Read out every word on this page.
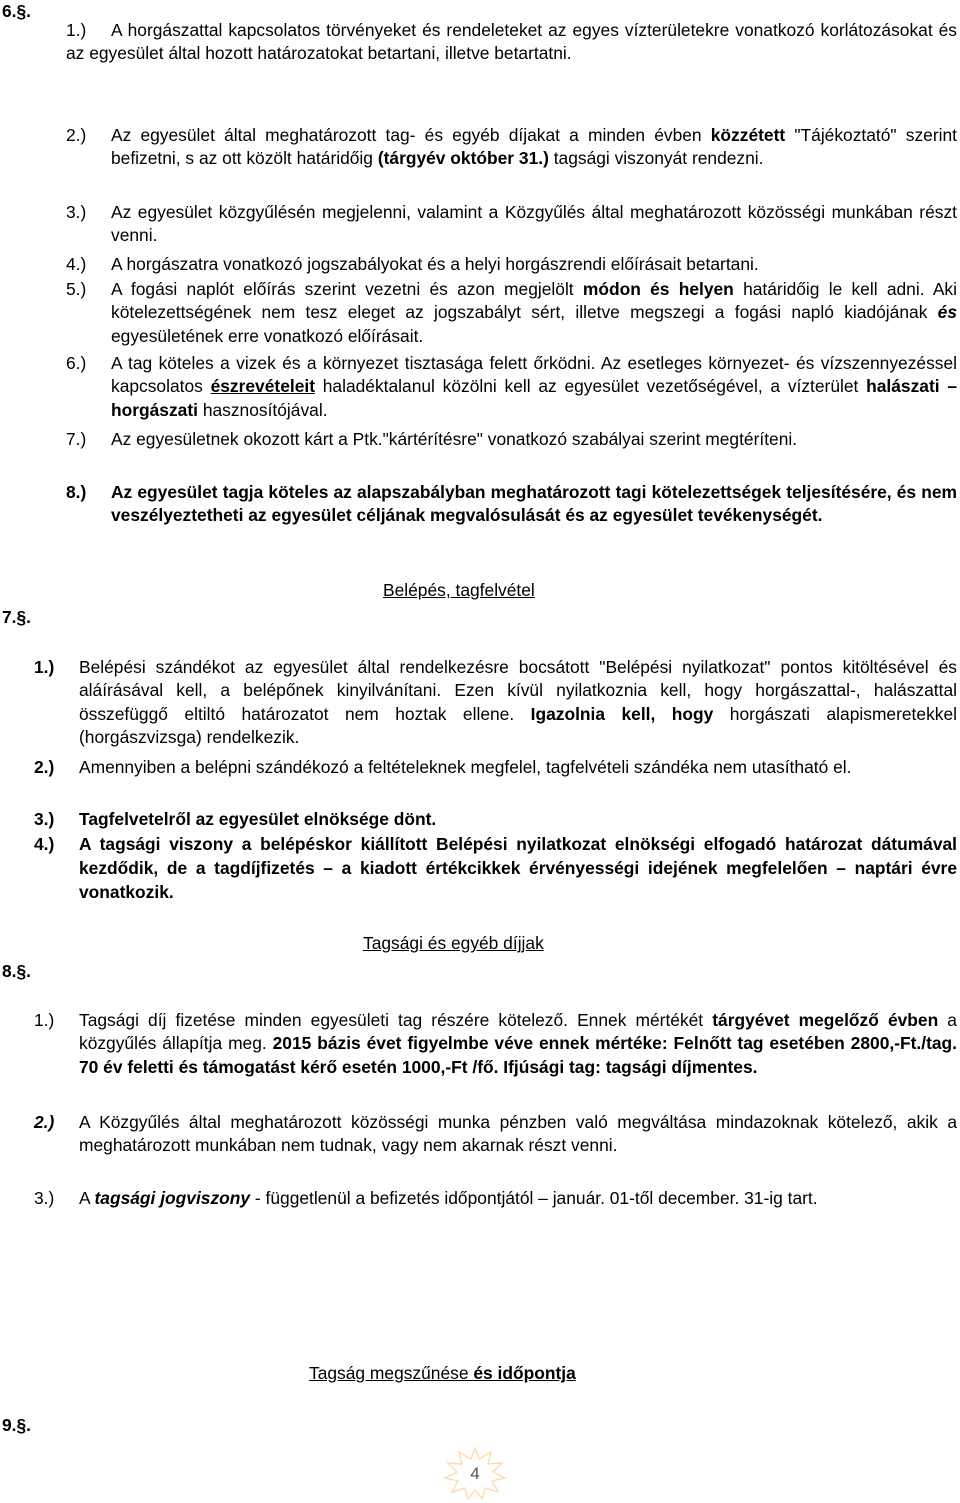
6.§.
1.)	A horgászattal kapcsolatos törvényeket és rendeleteket az egyes vízterületekre vonatkozó korlátozásokat és az egyesület által hozott határozatokat betartani, illetve betartatni.
2.)	Az egyesület által meghatározott tag- és egyéb díjakat a minden évben közzétett "Tájékoztató" szerint befizetni, s az ott közölt határidőig (tárgyév október 31.) tagsági viszonyát rendezni.
3.)	Az egyesület közgyűlésén megjelenni, valamint a Közgyűlés által meghatározott közösségi munkában részt venni.
4.)	A horgászatra vonatkozó jogszabályokat és a helyi horgászrendi előírásait betartani.
5.)	A fogási naplót előírás szerint vezetni és azon megjelölt módon és helyen határidőig le kell adni. Aki kötelezettségének nem tesz eleget az jogszabályt sért, illetve megszegi a fogási napló kiadójának és egyesületének erre vonatkozó előírásait.
6.)	A tag köteles a vizek és a környezet tisztasága felett őrködni. Az esetleges környezet- és vízszennyezéssel kapcsolatos észrevételeit haladéktalanul közölni kell az egyesület vezetőségével, a vízterület halászati – horgászati hasznosítójával.
7.)	Az egyesületnek okozott kárt a Ptk."kártérítésre" vonatkozó szabályai szerint megtéríteni.
8.)	Az egyesület tagja köteles az alapszabályban meghatározott tagi kötelezettségek teljesítésére, és nem veszélyeztetheti az egyesület céljának megvalósulását és az egyesület tevékenységét.
Belépés, tagfelvétel
7.§.
1.)	Belépési szándékot az egyesület által rendelkezésre bocsátott "Belépési nyilatkozat" pontos kitöltésével és aláírásával kell, a belépőnek kinyilvánítani. Ezen kívül nyilatkoznia kell, hogy horgászattal-, halászattal összefüggő eltiltó határozatot nem hoztak ellene. Igazolnia kell, hogy horgászati alapismeretekkel (horgászvizsga) rendelkezik.
2.)	Amennyiben a belépni szándékozó a feltételeknek megfelel, tagfelvételi szándéka nem utasítható el.
3.)	Tagfelvetelről az egyesület elnöksége dönt.
4.)	A tagsági viszony a belépéskor kiállított Belépési nyilatkozat elnökségi elfogadó határozat dátumával kezdődik, de a tagdíjfizetés – a kiadott értékcikkek érvényességi idejének megfelelően – naptári évre vonatkozik.
Tagsági és egyéb díjjak
8.§.
1.)	Tagsági díj fizetése minden egyesületi tag részére kötelező. Ennek mértékét tárgyévet megelőző évben a közgyűlés állapítja meg. 2015 bázis évet figyelmbe véve ennek mértéke: Felnőtt tag esetében 2800,-Ft./tag. 70 év feletti és támogatást kérő esetén 1000,-Ft /fő. Ifjúsági tag: tagsági díjmentes.
2.)	A Közgyűlés által meghatározott közösségi munka pénzben való megváltása mindazoknak kötelező, akik a meghatározott munkában nem tudnak, vagy nem akarnak részt venni.
3.)	A tagsági jogviszony - függetlenül a befizetés időpontjától – január. 01-től december. 31-ig tart.
Tagság megszűnése és időpontja
9.§.
4
